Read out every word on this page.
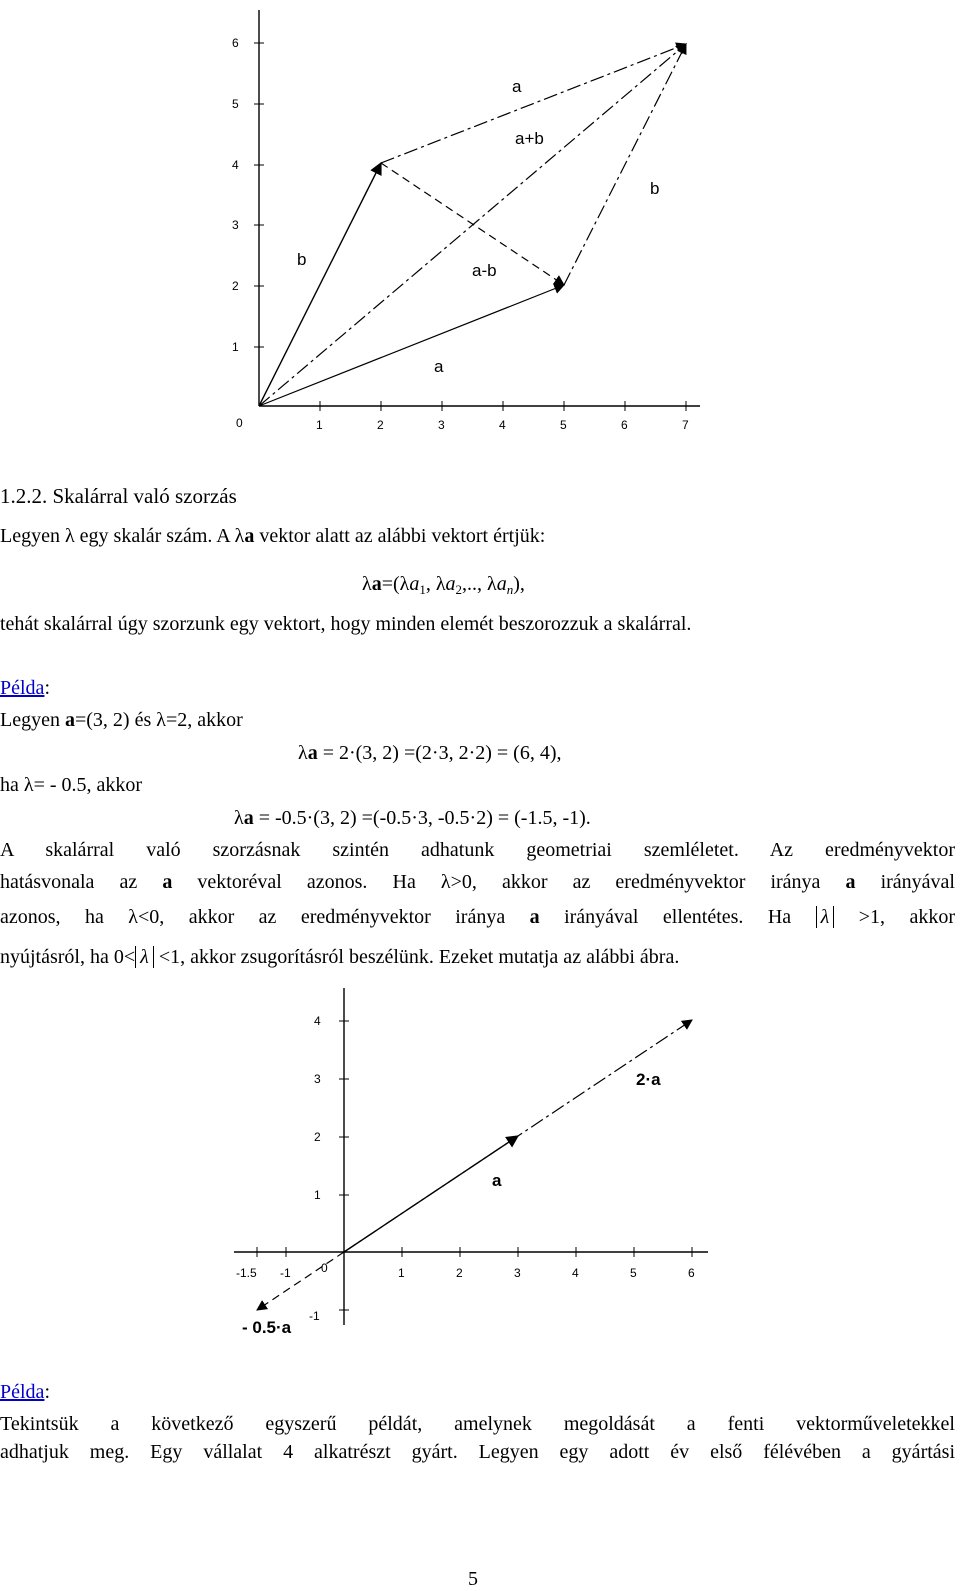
6
5
4
3
2
1
0	1	2	3	4	5	6	7
a
a+b
b
b
a-b
a
1.2.2. Skalárral való szorzás
Legyen λ egy skalár szám. A λa vektor alatt az alábbi vektort értjük:
$\lambda a=(\lambda a_1$, $\lambda a_2$,.., $\lambda a_n$),
tehát skalárral úgy szorzunk egy vektort, hogy minden elemét beszorozzuk a skalárral.
Példa:
Legyen a=(3, 2) és λ=2, akkor
λa = 2·(3, 2) =(2·3, 2·2) = (6, 4),
ha λ= - 0.5, akkor
λa = -0.5·(3, 2) =(-0.5·3, -0.5·2) = (-1.5, -1).
A skalárral való szorzásnak szintén adhatunk geometriai szemléletet. Az eredményvektor
hatásvonala az a vektoréval azonos. Ha λ>0, akkor az eredményvektor iránya a irányával
azonos, ha λ<0, akkor az eredményvektor iránya a irányával ellentétes. Ha λ >1, akkor
nyújtásról, ha 0< λ <1, akkor zsugorításról beszélünk. Ezeket mutatja az alábbi ábra.
4
3
2
1
-1
-1.5 -1	0	1	2	3	4	5	6
2·a
a
- 0.5·a
Példa:
Tekintsük a következő egyszerű példát, amelynek megoldását a fenti vektorműveletekkel
adhatjuk meg. Egy vállalat 4 alkatrészt gyárt. Legyen egy adott év első félévében a gyártási
5
